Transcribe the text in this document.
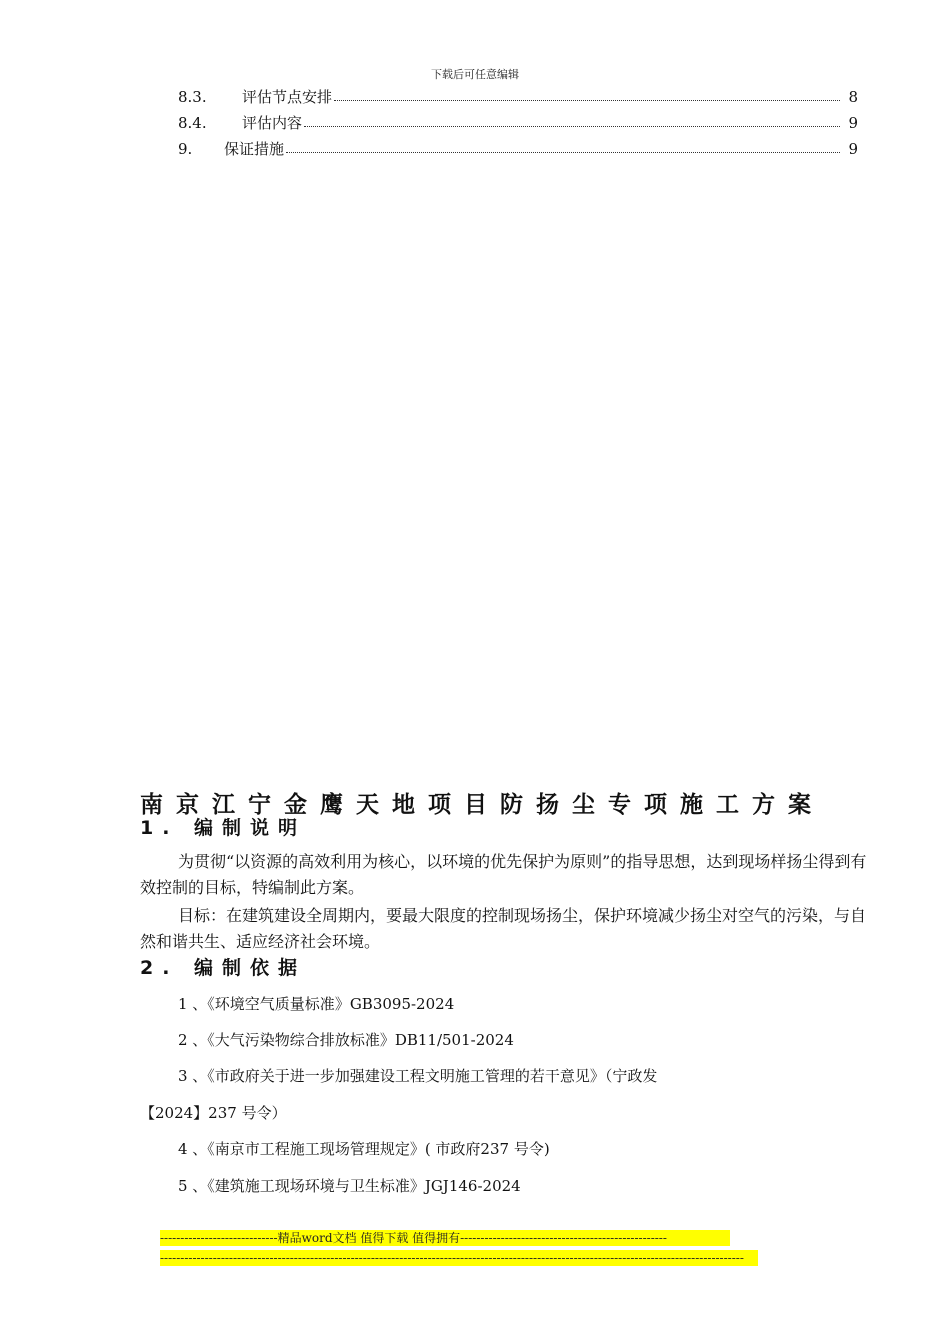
下载后可任意编辑
8.3.	评估节点安排	8
8.4.	评估内容	9
9.	保证措施	9
南京江宁金鹰天地项目防扬尘专项施工方案
1. 编制说明
为贯彻“以资源的高效利用为核心，以环境的优先保护为原则”的指导思想，达到现场样扬尘得到有效控制的目标，特编制此方案。
目标：在建筑建设全周期内，要最大限度的控制现场扬尘，保护环境减少扬尘对空气的污染，与自然和谐共生、适应经济社会环境。
2. 编制依据
1 、《环境空气质量标准》GB3095-2024
2 、《大气污染物综合排放标准》DB11/501-2024
3 、《市政府关于进一步加强建设工程文明施工管理的若干意见》（宁政发
【2024】237 号令）
4 、《南京市工程施工现场管理规定》( 市政府237 号令)
5 、《建筑施工现场环境与卫生标准》JGJ146-2024
-----------------------------精品word文档 值得下载 值得拥有---------------------------------------------------
------------------------------------------------------------------------------------------------------------------------------------------------
